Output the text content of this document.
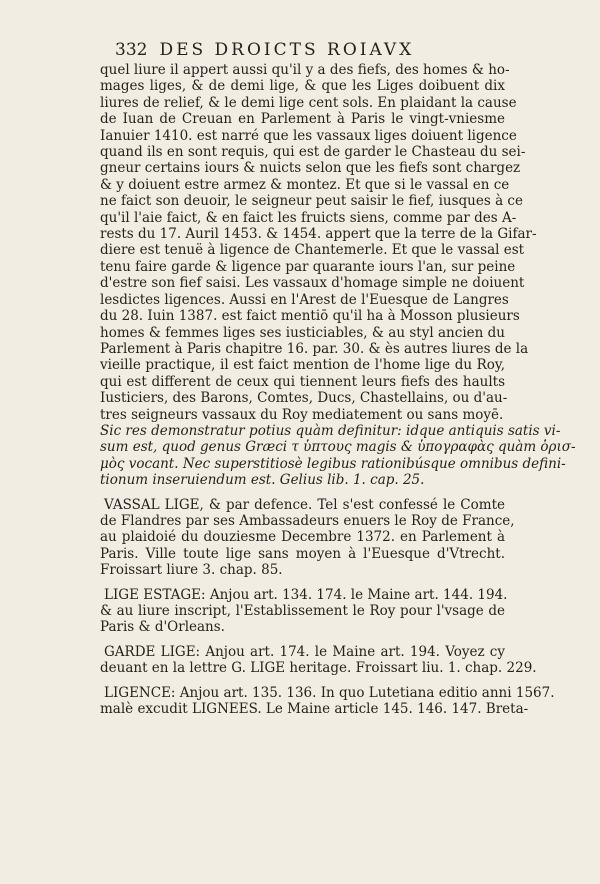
332 DES DROICTS ROIAVX
quel liure il appert aussi qu'il y a des fiefs, des homes & ho-
mages liges, & de demi lige, & que les Liges doibuent dix
liures de relief, & le demi lige cent sols. En plaidant la cause
de Iuan de Creuan en Parlement à Paris le vingt-vniesme
Ianuier 1410. est narré que les vassaux liges doiuent ligence
quand ils en sont requis, qui est de garder le Chasteau du sei-
gneur certains iours & nuicts selon que les fiefs sont chargez
& y doiuent estre armez & montez. Et que si le vassal en ce
ne faict son deuoir, le seigneur peut saisir le fief, iusques à ce
qu'il l'aie faict, & en faict les fruicts siens, comme par des A-
rests du 17. Auril 1453. & 1454. appert que la terre de la Gifar-
diere est tenuë à ligence de Chantemerle. Et que le vassal est
tenu faire garde & ligence par quarante iours l'an, sur peine
d'estre son fief saisi. Les vassaux d'homage simple ne doiuent
lesdictes ligences. Aussi en l'Arest de l'Euesque de Langres
du 28. Iuin 1387. est faict mentiō qu'il ha à Mosson plusieurs
homes & femmes liges ses iusticiables, & au styl ancien du
Parlement à Paris chapitre 16. par. 30. & ès autres liures de la
vieille practique, il est faict mention de l'home lige du Roy,
qui est different de ceux qui tiennent leurs fiefs des haults
Iusticiers, des Barons, Comtes, Ducs, Chastellains, ou d'au-
tres seigneurs vassaux du Roy mediatement ou sans moyē.
Sic res demonstratur potius quàm definitur: idque antiquis satis vi-
sum est, quod genus Græci τ ὑπτους magis & ὑπογραφὰς quàm ὁρισ-
μὸς vocant. Nec superstitiosè legibus rationibúsque omnibus defini-
tionum inseruiendum est. Gelius lib. 1. cap. 25.
VASSAL LIGE, & par defence. Tel s'est confessé le Comte
de Flandres par ses Ambassadeurs enuers le Roy de France,
au plaidoié du douziesme Decembre 1372. en Parlement à
Paris. Ville toute lige sans moyen à l'Euesque d'Vtrecht.
Froissart liure 3. chap. 85.
LIGE ESTAGE: Anjou art. 134. 174. le Maine art. 144. 194.
& au liure inscript, l'Establissement le Roy pour l'vsage de
Paris & d'Orleans.
GARDE LIGE: Anjou art. 174. le Maine art. 194. Voyez cy
deuant en la lettre G. LIGE heritage. Froissart liu. 1. chap. 229.
LIGENCE: Anjou art. 135. 136. In quo Lutetiana editio anni 1567.
malè excudit LIGNEES. Le Maine article 145. 146. 147. Breta-
